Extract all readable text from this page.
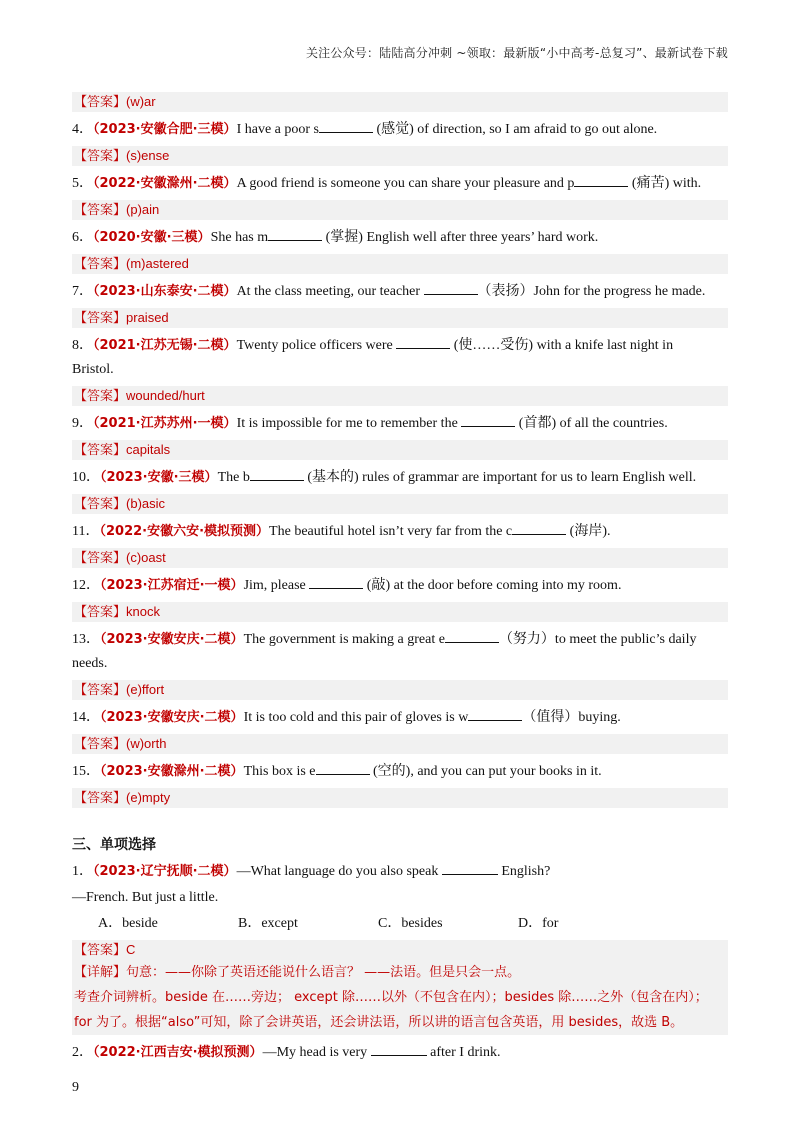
关注公众号：陆陆高分冲刺 ~领取：最新版“小中高考-总复习”、最新试卷下载
【答案】(w)ar
4．（2023·安徽合肥·三模）I have a poor s	(感觉) of direction, so I am afraid to go out alone.
【答案】(s)ense
5．（2022·安徽滁州·二模）A good friend is someone you can share your pleasure and p	(痛苦) with.
【答案】(p)ain
6．（2020·安徽·三模）She has m	(掌握) English well after three years’ hard work.
【答案】(m)astered
7．（2023·山东泰安·二模）At the class meeting, our teacher	（表扬）John for the progress he made.
【答案】praised
8．（2021·江苏无锡·二模）Twenty police officers were	(使……受伤) with a knife last night in
Bristol.
【答案】wounded/hurt
9．（2021·江苏苏州·一模）It is impossible for me to remember the	(首都) of all the countries.
【答案】capitals
10．（2023·安徽·三模）The b	(基本的) rules of grammar are important for us to learn English well.
【答案】(b)asic
11．（2022·安徽六安·模拟预测）The beautiful hotel isn’t very far from the c	(海岸).
【答案】(c)oast
12．（2023·江苏宿迁·一模）Jim, please	(敲) at the door before coming into my room.
【答案】knock
13．（2023·安徽安庆·二模）The government is making a great e	（努力）to meet the public’s daily
needs.
【答案】(e)ffort
14．（2023·安徽安庆·二模）It is too cold and this pair of gloves is w	（值得）buying.
【答案】(w)orth
15．（2023·安徽滁州·二模）This box is e	(空的), and you can put your books in it.
【答案】(e)mpty
三、单项选择
1．（2023·辽宁抚顺·二模）—What language do you also speak	English?
—French. But just a little.
A．beside	B．except	C．besides	D．for
【答案】C
【详解】句意：——你除了英语还能说什么语言？ ——法语。但是只会一点。
考查介词辨析。beside 在……旁边； except 除……以外（不包含在内）；besides 除……之外（包含在内）；
for 为了。根据“also”可知，除了会讲英语，还会讲法语，所以讲的语言包含英语，用 besides，故选 B。
2．（2022·江西吉安·模拟预测）—My head is very	after I drink.
9
